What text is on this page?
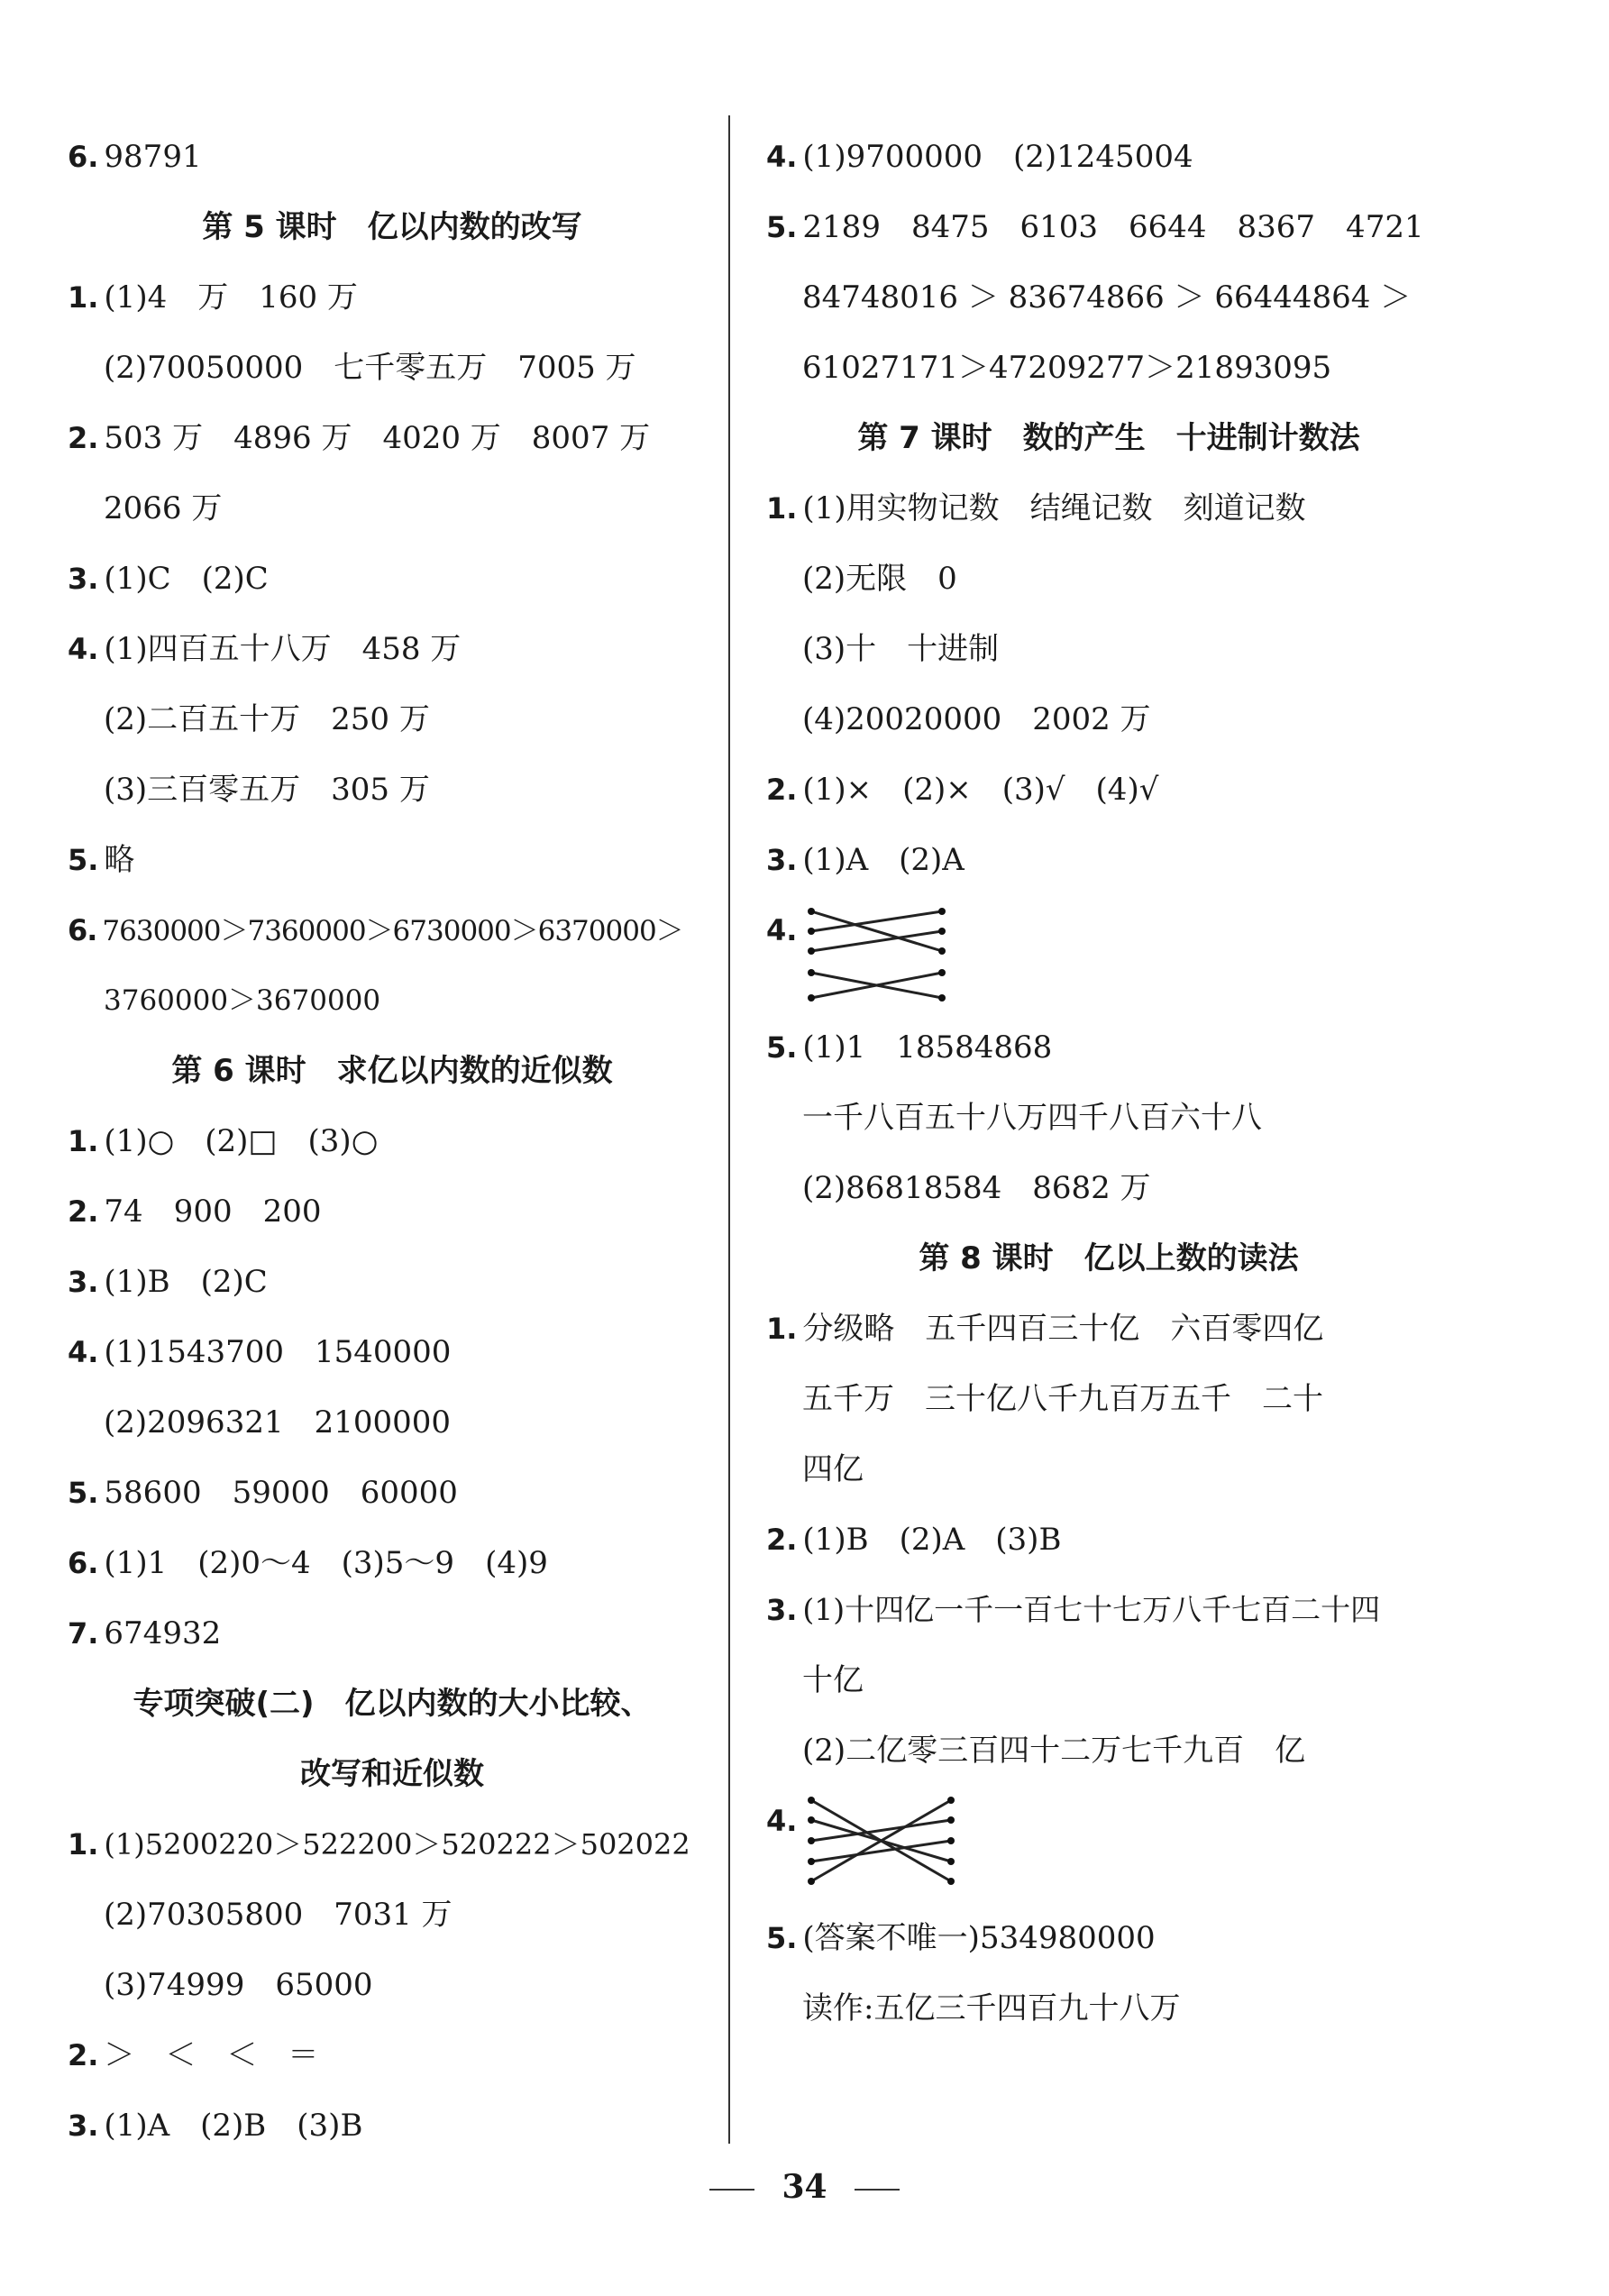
6. 98791
第 5 课时　亿以内数的改写
1. (1)4　万　160 万
(2)70050000　七千零五万　7005 万
2. 503 万　4896 万　4020 万　8007 万
2066 万
3. (1)C　(2)C
4. (1)四百五十八万　458 万
(2)二百五十万　250 万
(3)三百零五万　305 万
5. 略
6. 7630000＞7360000＞6730000＞6370000＞
3760000＞3670000
第 6 课时　求亿以内数的近似数
1. (1)○　(2)□　(3)○
2. 74　900　200
3. (1)B　(2)C
4. (1)1543700　1540000
(2)2096321　2100000
5. 58600　59000　60000
6. (1)1　(2)0～4　(3)5～9　(4)9
7. 674932
专项突破(二)　亿以内数的大小比较、
改写和近似数
1. (1)5200220＞522200＞520222＞502022
(2)70305800　7031 万
(3)74999　65000
2. ＞　＜　＜　＝
3. (1)A　(2)B　(3)B
4. (1)9700000　(2)1245004
5. 2189　8475　6103　6644　8367　4721
84748016 ＞ 83674866 ＞ 66444864 ＞
61027171＞47209277＞21893095
第 7 课时　数的产生　十进制计数法
1. (1)用实物记数　结绳记数　刻道记数
(2)无限　0
(3)十　十进制
(4)20020000　2002 万
2. (1)×　(2)×　(3)√　(4)√
3. (1)A　(2)A
4.
5. (1)1　18584868
一千八百五十八万四千八百六十八
(2)86818584　8682 万
第 8 课时　亿以上数的读法
1. 分级略　五千四百三十亿　六百零四亿
五千万　三十亿八千九百万五千　二十
四亿
2. (1)B　(2)A　(3)B
3. (1)十四亿一千一百七十七万八千七百二十四
十亿
(2)二亿零三百四十二万七千九百　亿
4.
5. (答案不唯一)534980000
读作:五亿三千四百九十八万
34
